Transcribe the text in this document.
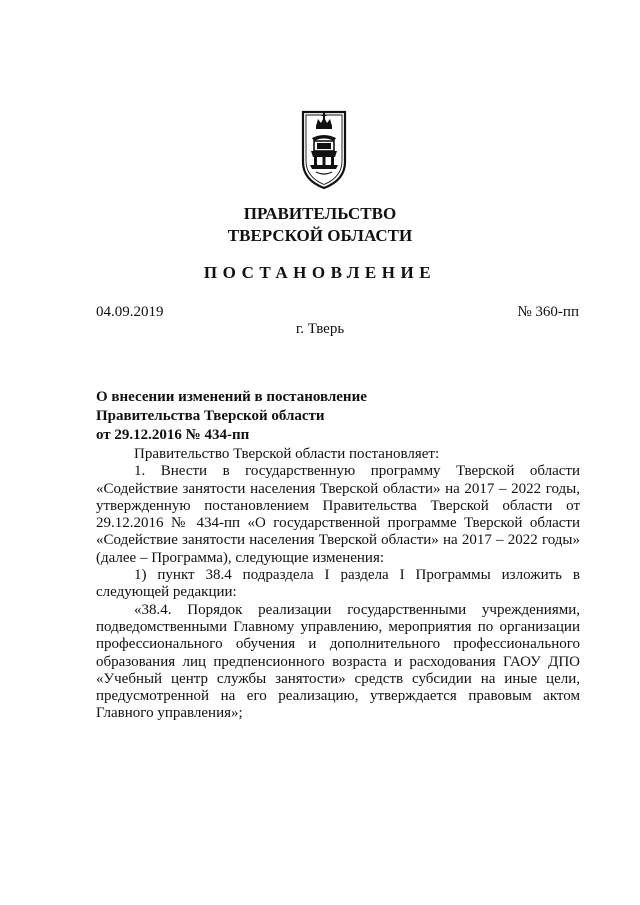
ПРАВИТЕЛЬСТВО
ТВЕРСКОЙ ОБЛАСТИ
ПОСТАНОВЛЕНИЕ
04.09.2019	№ 360-пп
г. Тверь
О внесении изменений в постановление
Правительства Тверской области
от 29.12.2016 № 434-пп
Правительство Тверской области постановляет:
1. Внести в государственную программу Тверской области «Содействие занятости населения Тверской области» на 2017 – 2022 годы, утвержденную постановлением Правительства Тверской области от 29.12.2016 № 434-пп «О государственной программе Тверской области «Содействие занятости населения Тверской области» на 2017 – 2022 годы» (далее – Программа), следующие изменения:
1) пункт 38.4 подраздела I раздела I Программы изложить в следующей редакции:
«38.4. Порядок реализации государственными учреждениями, подведомственными Главному управлению, мероприятия по организации профессионального обучения и дополнительного профессионального образования лиц предпенсионного возраста и расходования ГАОУ ДПО «Учебный центр службы занятости» средств субсидии на иные цели, предусмотренной на его реализацию, утверждается правовым актом Главного управления»;
